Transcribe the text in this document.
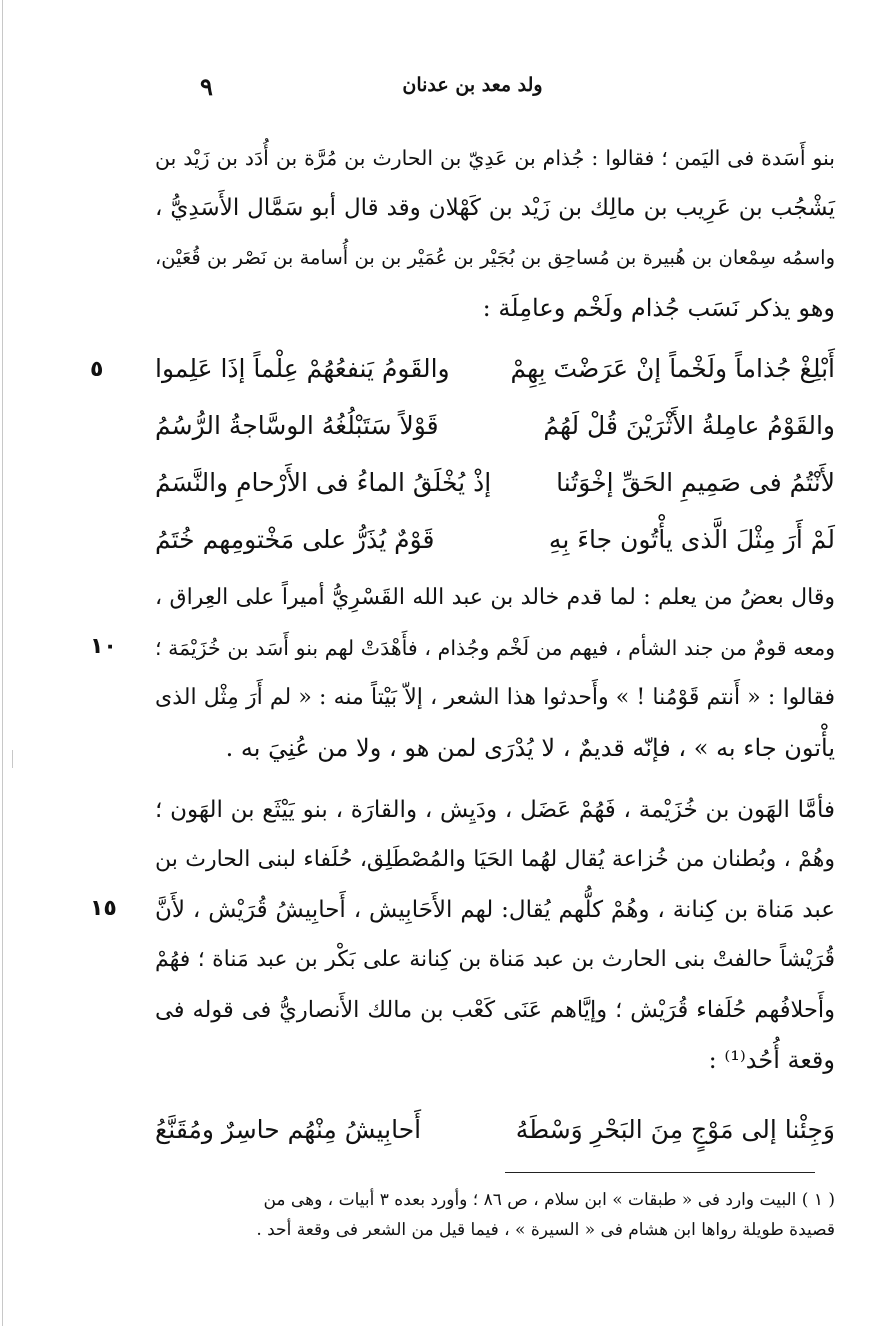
ولد معد بن عدنان
٩
بنو أَسَدة فى اليَمن ؛ فقالوا : جُذام بن عَدِيّ بن الحارث بن مُرَّة بن أُدَد بن زَيْد بن
يَشْجُب بن عَرِيب بن مالِك بن زَيْد بن كَهْلان وقد قال أبو سَمَّال الأَسَدِيُّ ،
واسمُه سِمْعان بن هُبيرة بن مُساحِق بن بُجَيْر بن عُمَيْر بن بن أُسامة بن نَصْر بن قُعَيْن،
وهو يذكر نَسَب جُذام ولَخْم وعامِلَة :
أَبْلِغْ جُذاماً ولَخْماً إنْ عَرَضْتَ بِهِمْ
والقَومُ يَنفعُهُمْ عِلْماً إذَا عَلِموا
والقَوْمُ عامِلةُ الأَثْرَيْنَ قُلْ لَهُمُ
قَوْلاً سَتَبْلُغُهُ الوسَّاجةُ الرُّسُمُ
لأَنْتُمُ فى صَمِيمِ الحَقِّ إخْوَتُنا
إذْ يُخْلَقُ الماءُ فى الأَرْحامِ والنَّسَمُ
لَمْ أَرَ مِثْلَ الَّذى يأْتُون جاءَ بِهِ
قَوْمٌ يُذَرُّ على مَخْتومِهم خُتَمُ
٥
وقال بعضُ من يعلم : لما قدم خالد بن عبد الله القَسْرِيُّ أميراً على العِراق ،
ومعه قومٌ من جند الشأم ، فيهم من لَخْم وجُذام ، فأَهْدَتْ لهم بنو أَسَد بن خُزَيْمَة ؛
فقالوا : « أَنتم قَوْمُنا ! » وأَحدثوا هذا الشعر ، إلاّ بَيْتاً منه : « لم أَرَ مِثْل الذى
يأْتون جاء به » ، فإنّه قديمٌ ، لا يُدْرَى لمن هو ، ولا من عُنِيَ به .
١٠
فأمَّا الهَون بن خُزَيْمة ، فَهُمْ عَضَل ، ودَيِش ، والقارَة ، بنو يَيْثَع بن الهَون ؛
وهُمْ ، وبُطنان من خُزاعة يُقال لهُما الحَيَا والمُصْطَلِق، حُلَفاء لبنى الحارث بن
عبد مَناة بن كِنانة ، وهُمْ كلُّهم يُقال: لهم الأَحَابِيش ، أَحابِيشُ قُرَيْش ، لأَنَّ
قُرَيْشاً حالفتْ بنى الحارث بن عبد مَناة بن كِنانة على بَكْر بن عبد مَناة ؛ فهُمْ
وأَحلافُهم حُلَفاء قُرَيْش ؛ وإيَّاهم عَنَى كَعْب بن مالك الأَنصاريُّ فى قوله فى
وقعة أُحُد⁽¹⁾ :
١٥
وَجِئْنا إلى مَوْجٍ مِنَ البَحْرِ وَسْطَهُ
أَحابِيشُ مِنْهُم حاسِرٌ ومُقَنَّعُ
( ١ ) البيت وارد فى « طبقات » ابن سلام ، ص ٨٦ ؛ وأورد بعده ٣ أبيات ، وهى من
قصيدة طويلة رواها ابن هشام فى « السيرة » ، فيما قيل من الشعر فى وقعة أحد .
